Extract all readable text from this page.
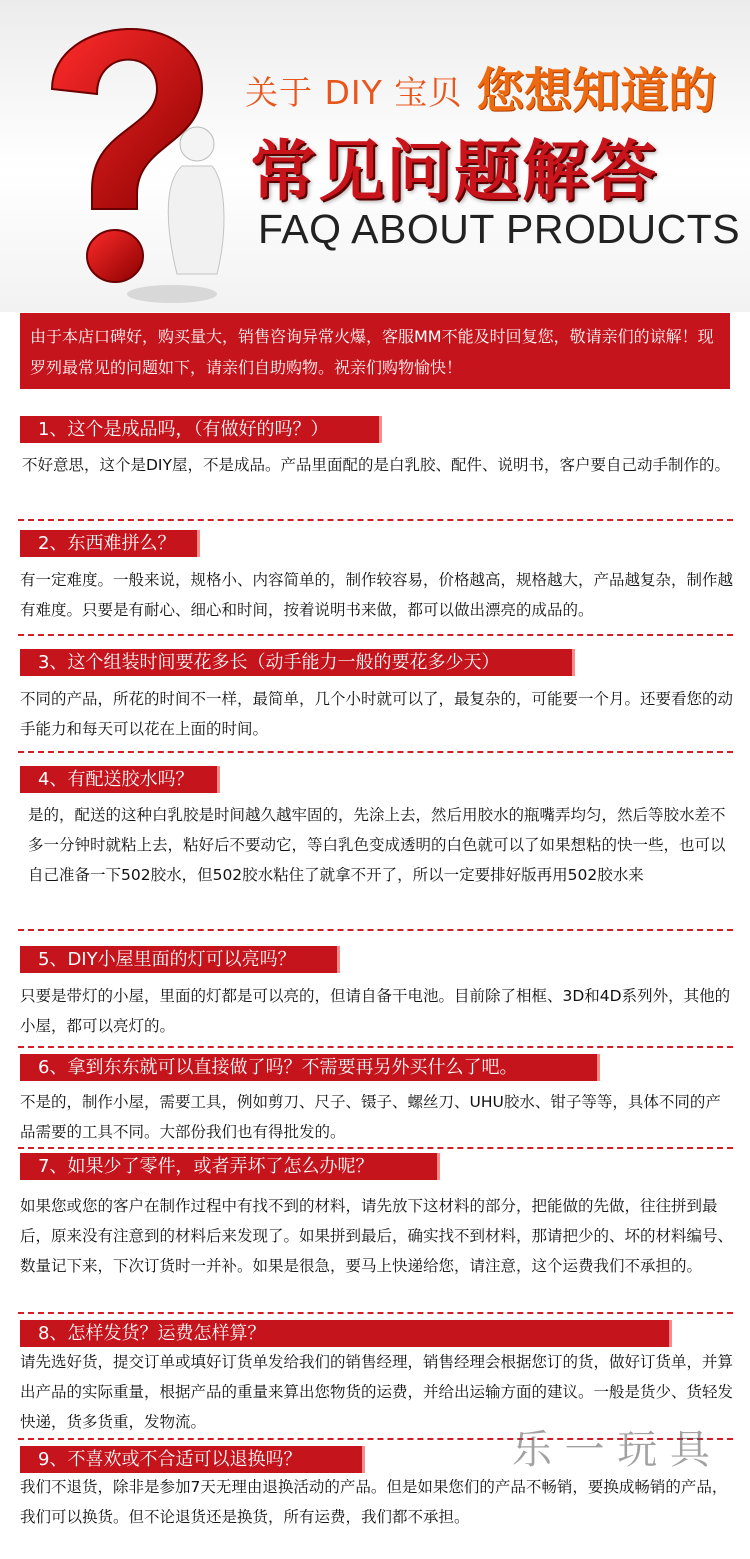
关于 DIY 宝贝 您想知道的
常见问题解答
FAQ ABOUT PRODUCTS
由于本店口碑好，购买量大，销售咨询异常火爆，客服MM不能及时回复您，敬请亲们的谅解！现罗列最常见的问题如下，请亲们自助购物。祝亲们购物愉快！
1、这个是成品吗，（有做好的吗？）
不好意思，这个是DIY屋，不是成品。产品里面配的是白乳胶、配件、说明书，客户要自己动手制作的。
2、东西难拼么？
有一定难度。一般来说，规格小、内容简单的，制作较容易，价格越高，规格越大，产品越复杂，制作越有难度。只要是有耐心、细心和时间，按着说明书来做，都可以做出漂亮的成品的。
3、这个组装时间要花多长（动手能力一般的要花多少天）
不同的产品，所花的时间不一样，最简单，几个小时就可以了，最复杂的，可能要一个月。还要看您的动手能力和每天可以花在上面的时间。
4、有配送胶水吗？
是的，配送的这种白乳胶是时间越久越牢固的，先涂上去，然后用胶水的瓶嘴弄均匀，然后等胶水差不多一分钟时就粘上去，粘好后不要动它，等白乳色变成透明的白色就可以了如果想粘的快一些，也可以自己准备一下502胶水，但502胶水粘住了就拿不开了，所以一定要排好版再用502胶水来
5、DIY小屋里面的灯可以亮吗？
只要是带灯的小屋，里面的灯都是可以亮的，但请自备干电池。目前除了相框、3D和4D系列外，其他的小屋，都可以亮灯的。
6、拿到东东就可以直接做了吗？不需要再另外买什么了吧。
不是的，制作小屋，需要工具，例如剪刀、尺子、镊子、螺丝刀、UHU胶水、钳子等等，具体不同的产品需要的工具不同。大部份我们也有得批发的。
7、如果少了零件，或者弄坏了怎么办呢？
如果您或您的客户在制作过程中有找不到的材料，请先放下这材料的部分，把能做的先做，往往拼到最后，原来没有注意到的材料后来发现了。如果拼到最后，确实找不到材料，那请把少的、坏的材料编号、数量记下来，下次订货时一并补。如果是很急，要马上快递给您，请注意，这个运费我们不承担的。
8、怎样发货？运费怎样算？
请先选好货，提交订单或填好订货单发给我们的销售经理，销售经理会根据您订的货，做好订货单，并算出产品的实际重量，根据产品的重量来算出您物货的运费，并给出运输方面的建议。一般是货少、货轻发快递，货多货重，发物流。
9、不喜欢或不合适可以退换吗？
我们不退货，除非是参加7天无理由退换活动的产品。但是如果您们的产品不畅销，要换成畅销的产品，我们可以换货。但不论退货还是换货，所有运费，我们都不承担。
乐 一 玩 具
